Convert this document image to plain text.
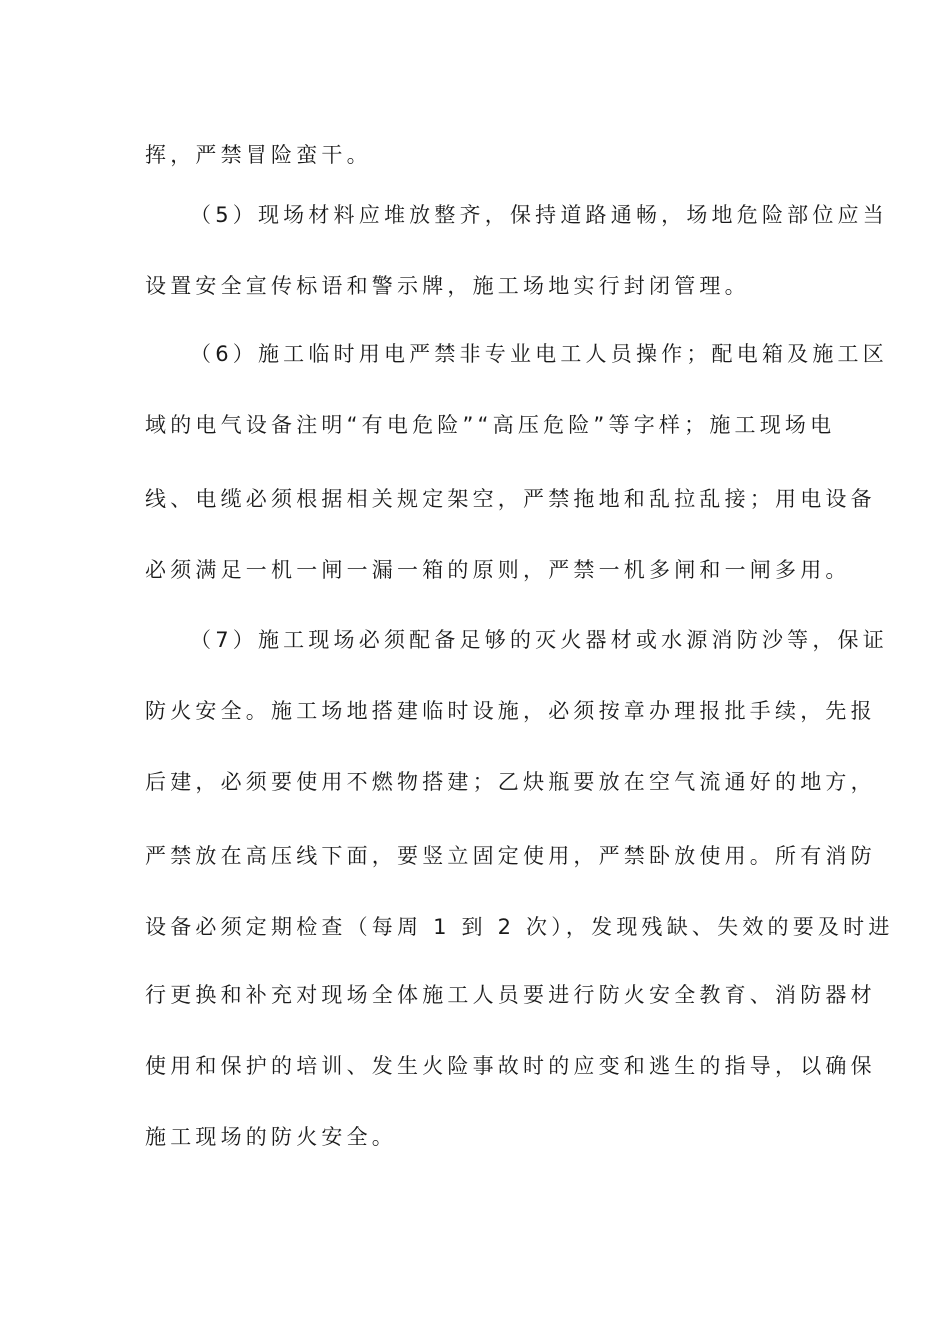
挥，严禁冒险蛮干。
（5）现场材料应堆放整齐，保持道路通畅，场地危险部位应当
设置安全宣传标语和警示牌，施工场地实行封闭管理。
（6）施工临时用电严禁非专业电工人员操作；配电箱及施工区
域的电气设备注明“有电危险”“高压危险”等字样；施工现场电
线、电缆必须根据相关规定架空，严禁拖地和乱拉乱接；用电设备
必须满足一机一闸一漏一箱的原则，严禁一机多闸和一闸多用。
（7）施工现场必须配备足够的灭火器材或水源消防沙等，保证
防火安全。施工场地搭建临时设施，必须按章办理报批手续，先报
后建，必须要使用不燃物搭建；乙炔瓶要放在空气流通好的地方，
严禁放在高压线下面，要竖立固定使用，严禁卧放使用。所有消防
设备必须定期检查（每周 1 到 2 次），发现残缺、失效的要及时进
行更换和补充对现场全体施工人员要进行防火安全教育、消防器材
使用和保护的培训、发生火险事故时的应变和逃生的指导，以确保
施工现场的防火安全。
